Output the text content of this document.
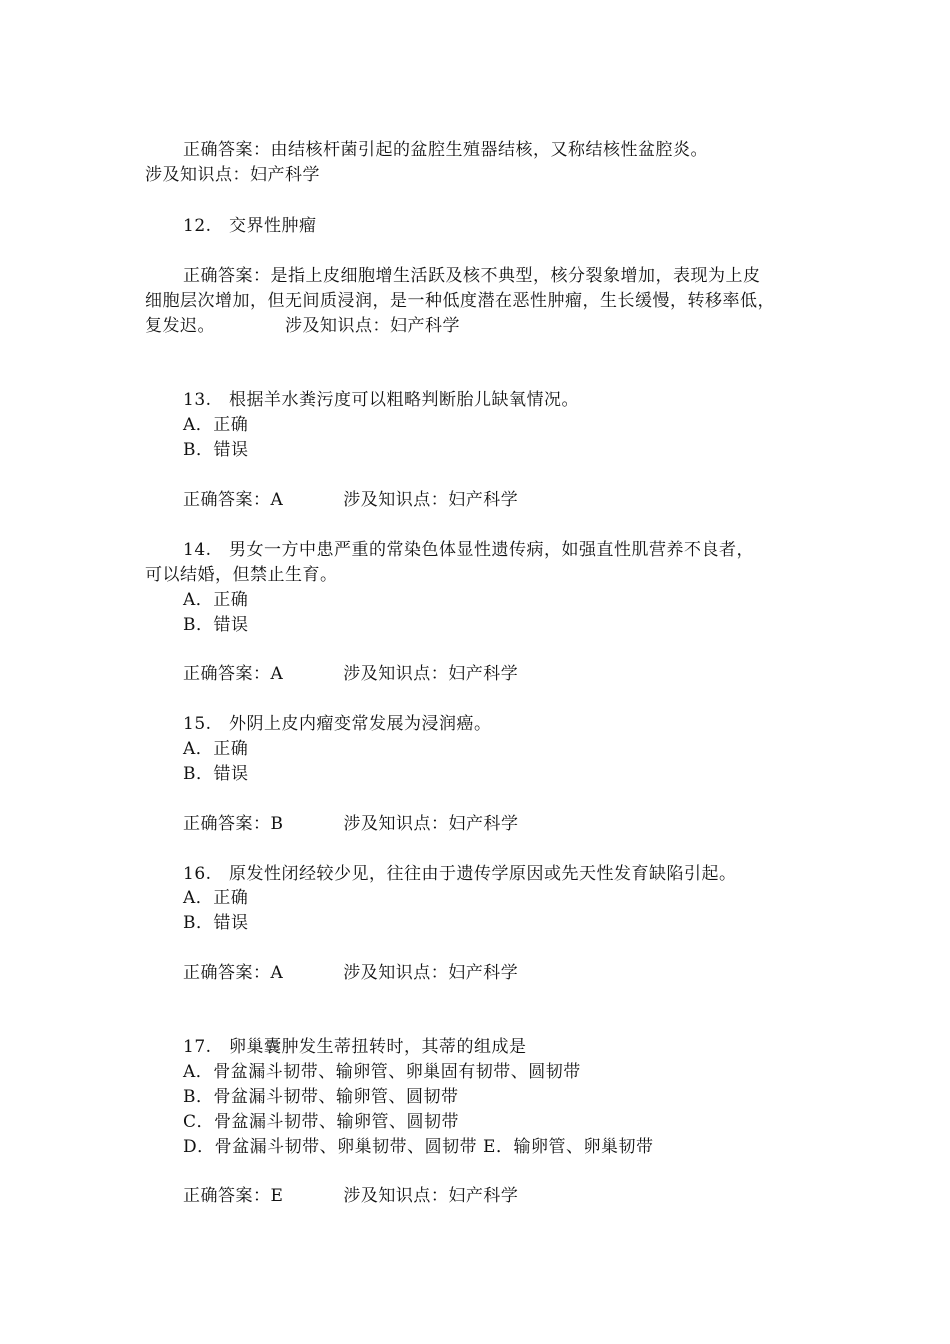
正确答案：由结核杆菌引起的盆腔生殖器结核，又称结核性盆腔炎。
涉及知识点：妇产科学
12.　交界性肿瘤
正确答案：是指上皮细胞增生活跃及核不典型，核分裂象增加，表现为上皮
细胞层次增加，但无间质浸润，是一种低度潜在恶性肿瘤，生长缓慢，转移率低，
复发迟。	涉及知识点：妇产科学
13.　根据羊水粪污度可以粗略判断胎儿缺氧情况。
A．正确
B．错误
正确答案：A	涉及知识点：妇产科学
14.　男女一方中患严重的常染色体显性遗传病，如强直性肌营养不良者，
可以结婚，但禁止生育。
A．正确
B．错误
正确答案：A	涉及知识点：妇产科学
15.　外阴上皮内瘤变常发展为浸润癌。
A．正确
B．错误
正确答案：B	涉及知识点：妇产科学
16.　原发性闭经较少见，往往由于遗传学原因或先天性发育缺陷引起。
A．正确
B．错误
正确答案：A	涉及知识点：妇产科学
17.　卵巢囊肿发生蒂扭转时，其蒂的组成是
A．骨盆漏斗韧带、输卵管、卵巢固有韧带、圆韧带
B．骨盆漏斗韧带、输卵管、圆韧带
C．骨盆漏斗韧带、输卵管、圆韧带
D．骨盆漏斗韧带、卵巢韧带、圆韧带 E．输卵管、卵巢韧带
正确答案：E	涉及知识点：妇产科学
